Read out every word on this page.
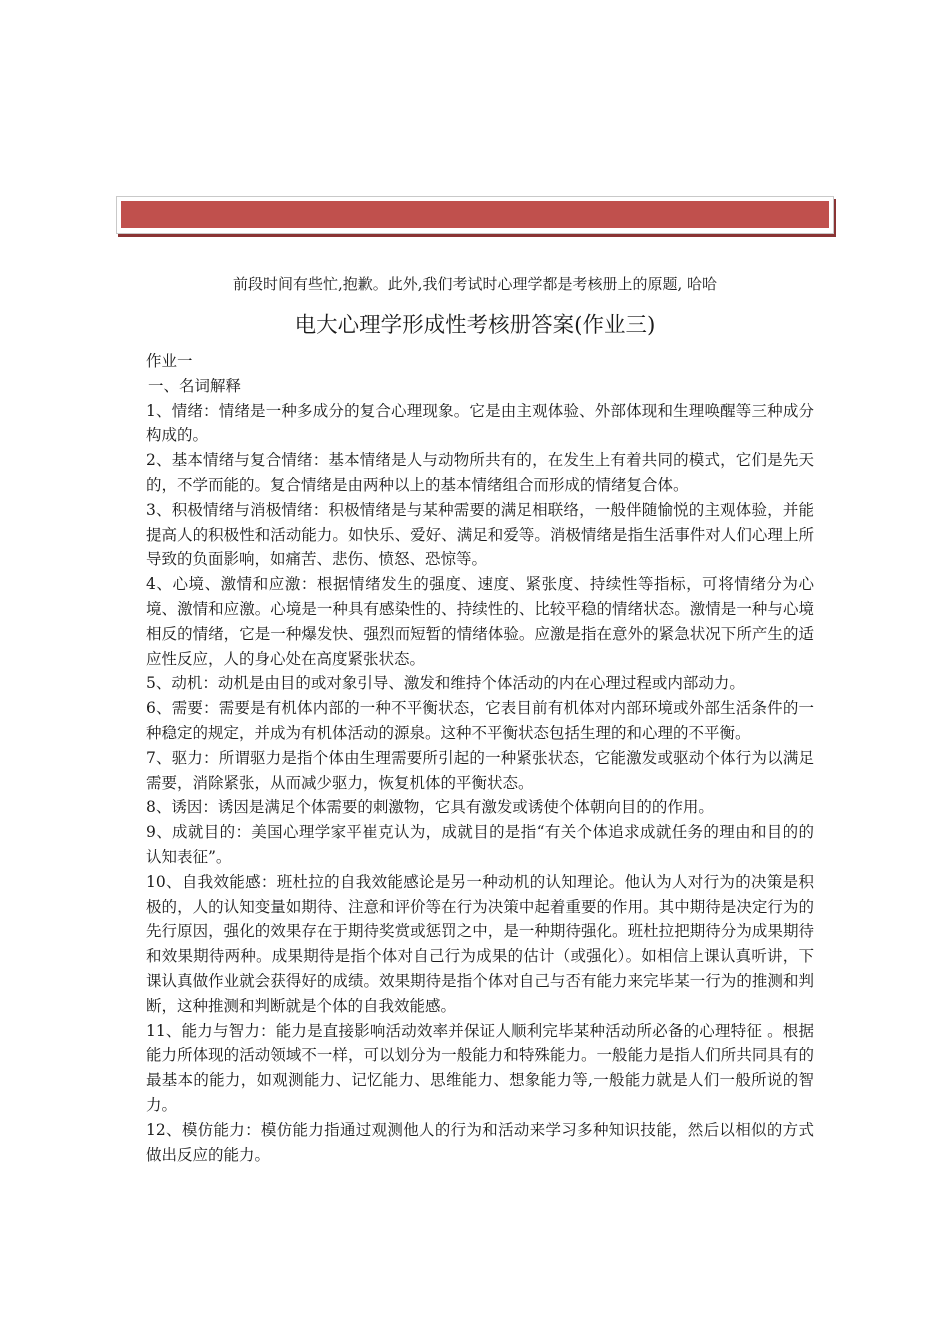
前段时间有些忙,抱歉。此外,我们考试时心理学都是考核册上的原题, 哈哈
电大心理学形成性考核册答案(作业三)

作业一

一、名词解释

1、情绪：情绪是一种多成分的复合心理现象。它是由主观体验、外部体现和生理唤醒等三种成分构成的。

2、基本情绪与复合情绪：基本情绪是人与动物所共有的，在发生上有着共同的模式，它们是先天的，不学而能的。复合情绪是由两种以上的基本情绪组合而形成的情绪复合体。

3、积极情绪与消极情绪：积极情绪是与某种需要的满足相联络，一般伴随愉悦的主观体验，并能提高人的积极性和活动能力。如快乐、爱好、满足和爱等。消极情绪是指生活事件对人们心理上所导致的负面影响，如痛苦、悲伤、愤怒、恐惊等。

4、心境、激情和应激：根据情绪发生的强度、速度、紧张度、持续性等指标，可将情绪分为心境、激情和应激。心境是一种具有感染性的、持续性的、比较平稳的情绪状态。激情是一种与心境相反的情绪，它是一种爆发快、强烈而短暂的情绪体验。应激是指在意外的紧急状况下所产生的适应性反应，人的身心处在高度紧张状态。

5、动机：动机是由目的或对象引导、激发和维持个体活动的内在心理过程或内部动力。

6、需要：需要是有机体内部的一种不平衡状态，它表目前有机体对内部环境或外部生活条件的一种稳定的规定，并成为有机体活动的源泉。这种不平衡状态包括生理的和心理的不平衡。

7、驱力：所谓驱力是指个体由生理需要所引起的一种紧张状态，它能激发或驱动个体行为以满足需要，消除紧张，从而减少驱力，恢复机体的平衡状态。

8、诱因：诱因是满足个体需要的刺激物，它具有激发或诱使个体朝向目的的作用。

9、成就目的：美国心理学家平崔克认为，成就目的是指“有关个体追求成就任务的理由和目的的认知表征”。

10、自我效能感：班杜拉的自我效能感论是另一种动机的认知理论。他认为人对行为的决策是积极的，人的认知变量如期待、注意和评价等在行为决策中起着重要的作用。其中期待是决定行为的先行原因，强化的效果存在于期待奖赏或惩罚之中，是一种期待强化。班杜拉把期待分为成果期待和效果期待两种。成果期待是指个体对自己行为成果的估计（或强化）。如相信上课认真听讲，下课认真做作业就会获得好的成绩。效果期待是指个体对自己与否有能力来完毕某一行为的推测和判断，这种推测和判断就是个体的自我效能感。

11、能力与智力：能力是直接影响活动效率并保证人顺利完毕某种活动所必备的心理特征 。根据能力所体现的活动领域不一样，可以划分为一般能力和特殊能力。一般能力是指人们所共同具有的最基本的能力，如观测能力、记忆能力、思维能力、想象能力等,一般能力就是人们一般所说的智力。

12、模仿能力：模仿能力指通过观测他人的行为和活动来学习多种知识技能，然后以相似的方式做出反应的能力。
